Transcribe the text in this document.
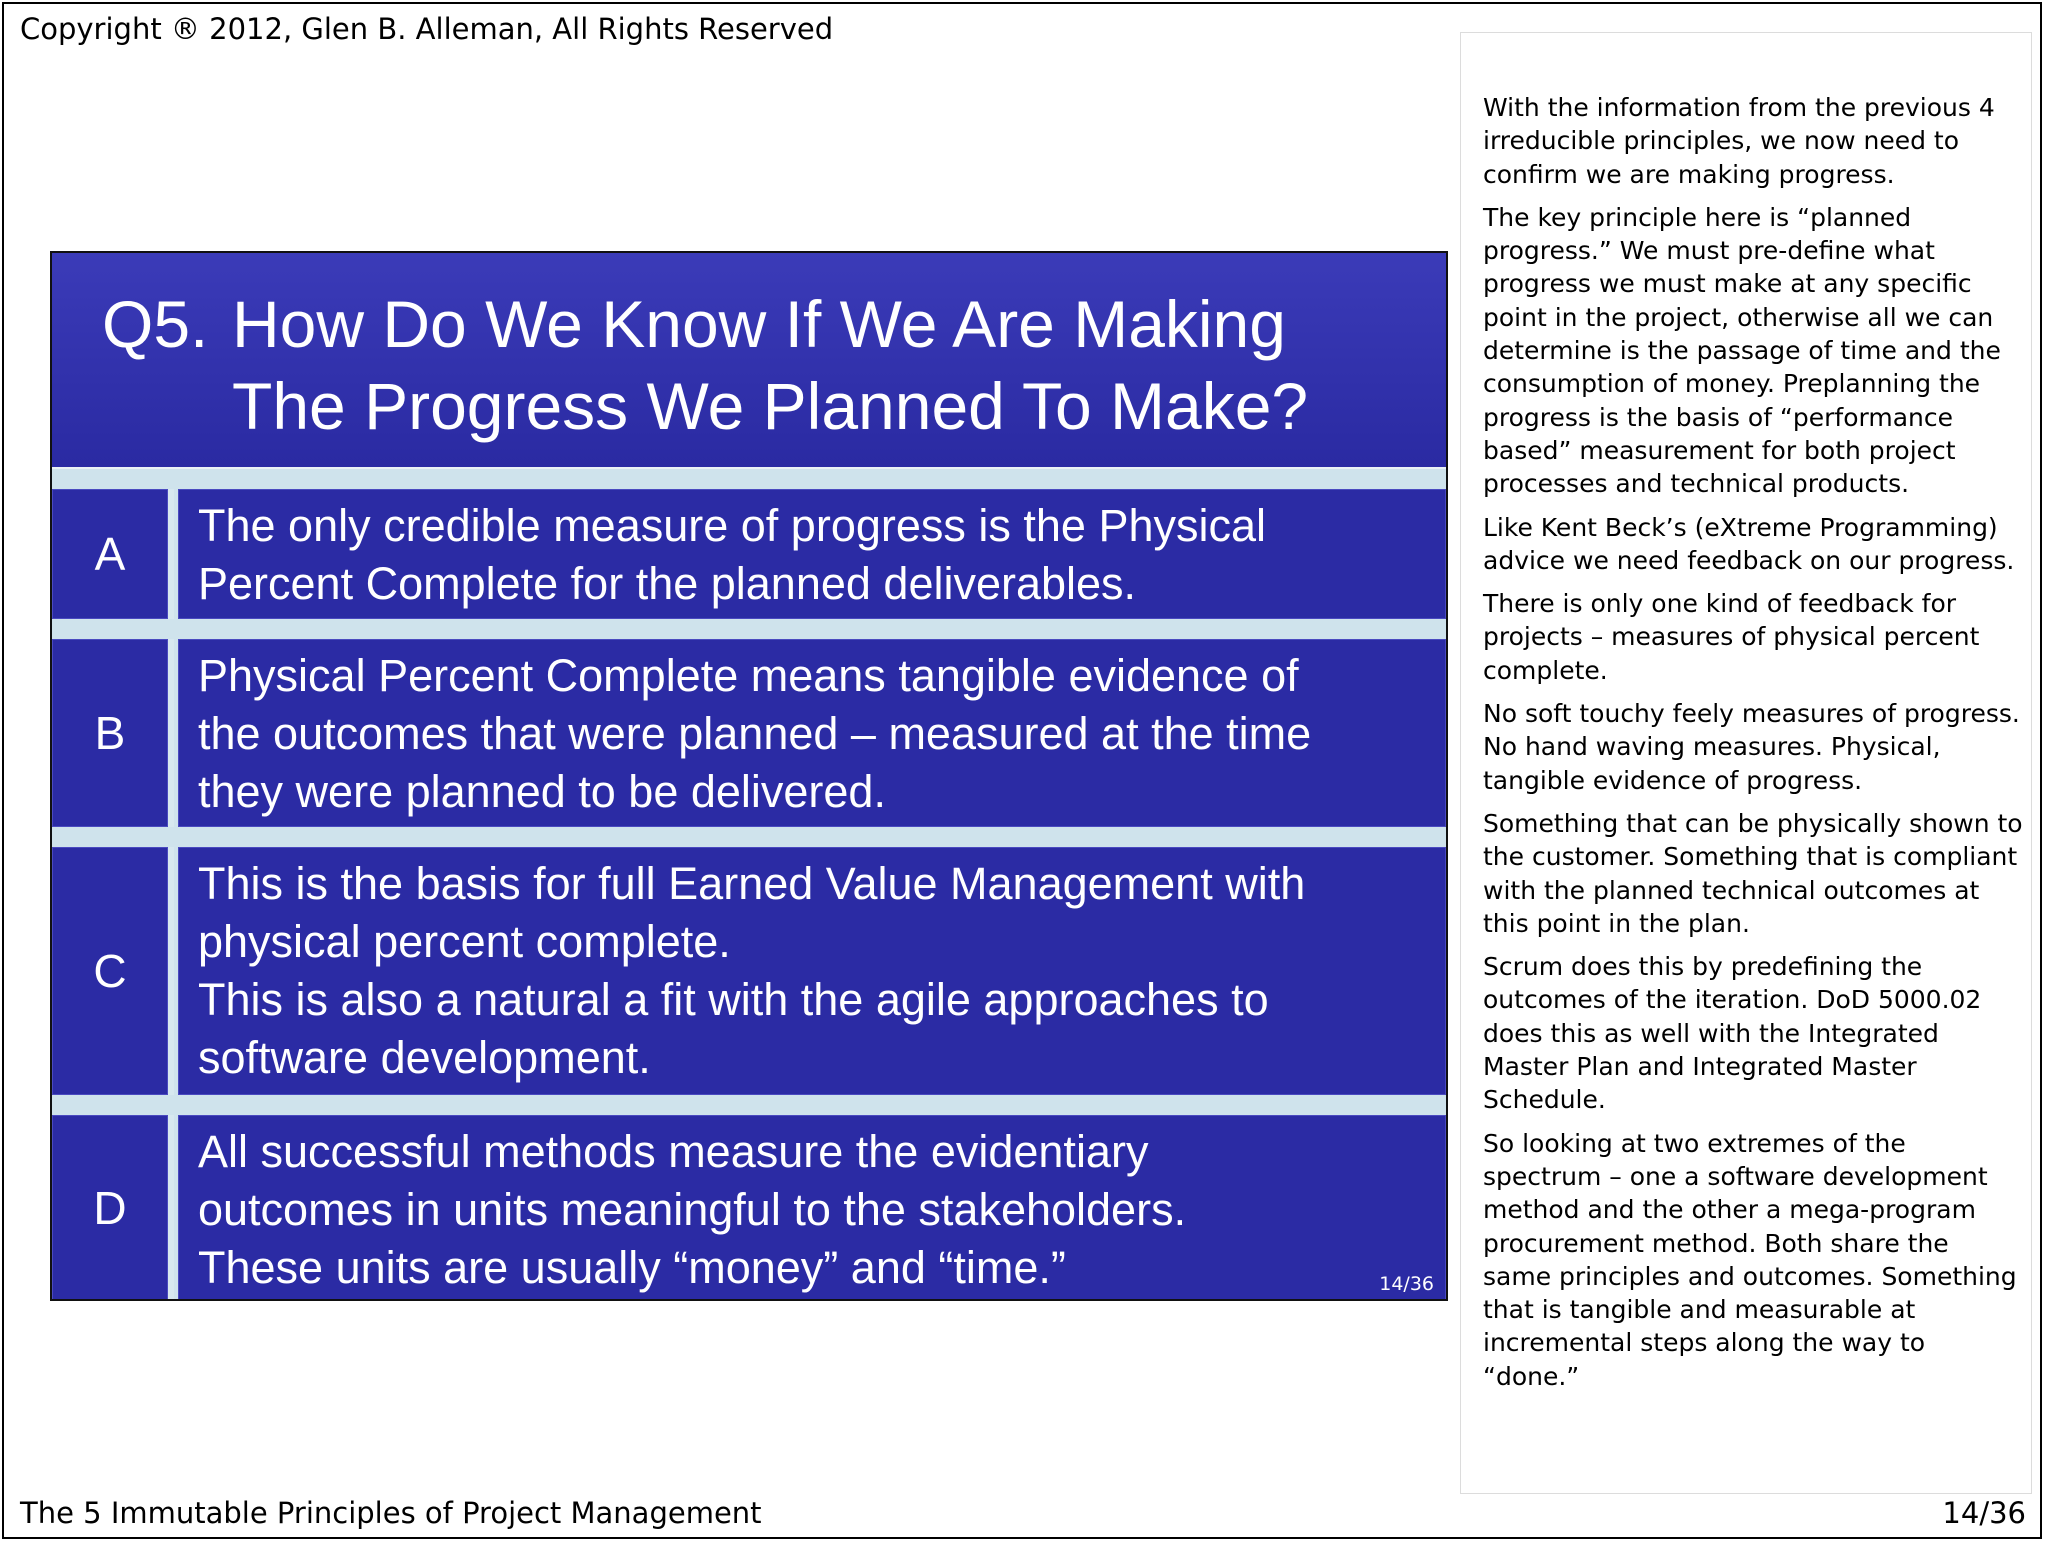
Copyright ® 2012, Glen B. Alleman, All Rights Reserved
Q5. How Do We Know If We Are Making
The Progress We Planned To Make?
A
The only credible measure of progress is the Physical
Percent Complete for the planned deliverables.
B
Physical Percent Complete means tangible evidence of
the outcomes that were planned – measured at the time
they were planned to be delivered.
C
This is the basis for full Earned Value Management with
physical percent complete.
This is also a natural a fit with the agile approaches to
software development.
D
All successful methods measure the evidentiary
outcomes in units meaningful to the stakeholders.
These units are usually “money” and “time.”	14/36

With the information from the previous 4 irreducible principles, we now need to confirm we are making progress.

The key principle here is “planned progress.” We must pre-define what progress we must make at any specific point in the project, otherwise all we can determine is the passage of time and the consumption of money. Preplanning the progress is the basis of “performance based” measurement for both project processes and technical products.

Like Kent Beck’s (eXtreme Programming) advice we need feedback on our progress.

There is only one kind of feedback for projects – measures of physical percent complete.

No soft touchy feely measures of progress. No hand waving measures. Physical, tangible evidence of progress.

Something that can be physically shown to the customer. Something that is compliant with the planned technical outcomes at this point in the plan.

Scrum does this by predefining the outcomes of the iteration. DoD 5000.02 does this as well with the Integrated Master Plan and Integrated Master Schedule.

So looking at two extremes of the spectrum – one a software development method and the other a mega-program procurement method. Both share the same principles and outcomes. Something that is tangible and measurable at incremental steps along the way to “done.”

The 5 Immutable Principles of Project Management	14/36
